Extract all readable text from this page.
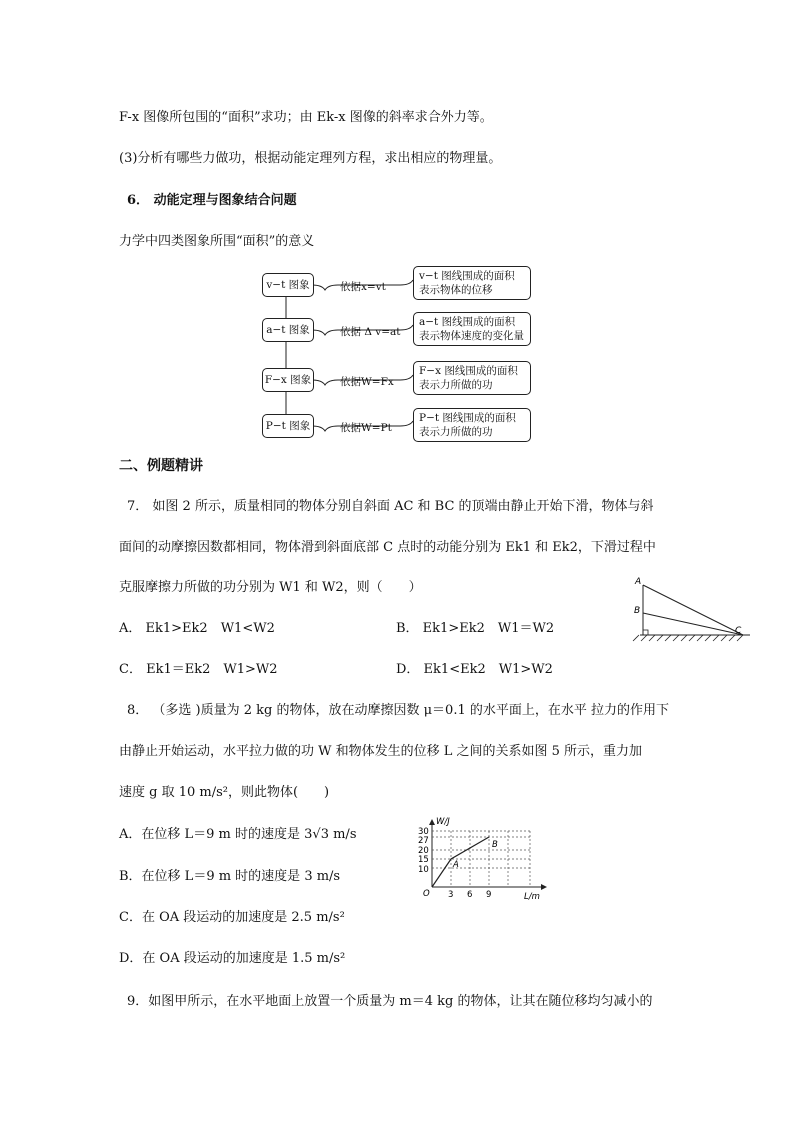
F-x 图像所包围的“面积”求功；由 Ek-x 图像的斜率求合外力等。
(3)分析有哪些力做功，根据动能定理列方程，求出相应的物理量。
6． 动能定理与图象结合问题
力学中四类图象所围“面积”的意义
v−t 图象
a−t 图象
F−x 图象
P−t 图象
依据x=vt
依据 Δ v=at
依据W=Fx
依据W=Pt
v−t 图线围成的面积表示物体的位移
a−t 图线围成的面积表示物体速度的变化量
F−x 图线围成的面积表示力所做的功
P−t 图线围成的面积表示力所做的功
二、例题精讲
7． 如图 2 所示，质量相同的物体分别自斜面 AC 和 BC 的顶端由静止开始下滑，物体与斜
面间的动摩擦因数都相同，物体滑到斜面底部 C 点时的动能分别为 Ek1 和 Ek2，下滑过程中
克服摩擦力所做的功分别为 W1 和 W2，则（　　）
A． Ek1>Ek2　W1<W2	B． Ek1>Ek2　W1＝W2
C． Ek1＝Ek2　W1>W2	D． Ek1<Ek2　W1>W2
A
B
C
8． （多选 )质量为 2 kg 的物体，放在动摩擦因数 μ＝0.1 的水平面上，在水平 拉力的作用下
由静止开始运动，水平拉力做的功 W 和物体发生的位移 L 之间的关系如图 5 所示，重力加
速度 g 取 10 m/s²，则此物体(　　)
A．在位移 L＝9 m 时的速度是 3√3 m/s
B．在位移 L＝9 m 时的速度是 3 m/s
C．在 OA 段运动的加速度是 2.5 m/s²
D．在 OA 段运动的加速度是 1.5 m/s²
W/J
L/m
O
30
27
20
15
10
3 6 9
A
B
9．如图甲所示，在水平地面上放置一个质量为 m＝4 kg 的物体，让其在随位移均匀减小的
